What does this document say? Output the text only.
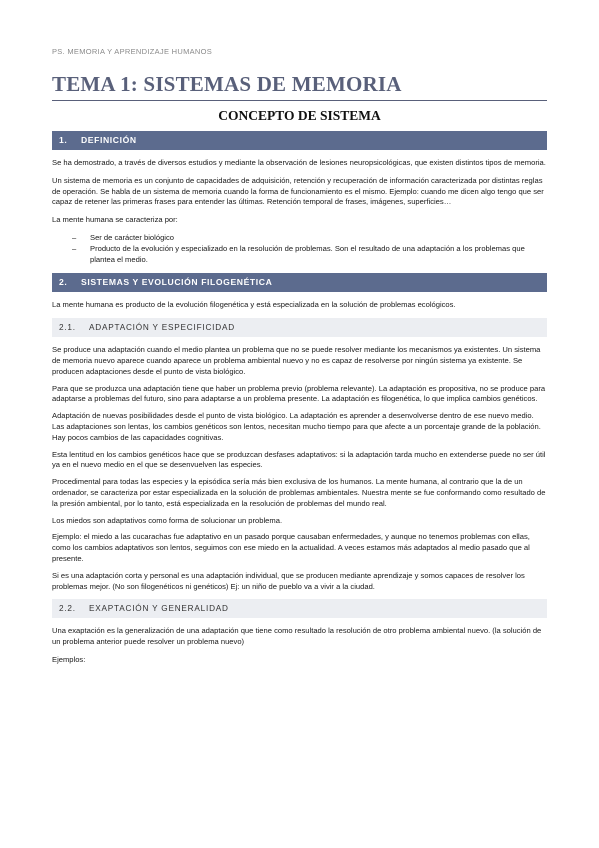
PS. MEMORIA Y APRENDIZAJE HUMANOS
TEMA 1: SISTEMAS DE MEMORIA
CONCEPTO DE SISTEMA
1. DEFINICIÓN

Se ha demostrado, a través de diversos estudios y mediante la observación de lesiones neuropsicológicas, que existen distintos tipos de memoria.

Un sistema de memoria es un conjunto de capacidades de adquisición, retención y recuperación de información caracterizada por distintas reglas de operación. Se habla de un sistema de memoria cuando la forma de funcionamiento es el mismo. Ejemplo: cuando me dicen algo tengo que ser capaz de retener las primeras frases para entender las últimas. Retención temporal de frases, imágenes, superficies…

La mente humana se caracteriza por:

– Ser de carácter biológico
– Producto de la evolución y especializado en la resolución de problemas. Son el resultado de una adaptación a los problemas que plantea el medio.
2. SISTEMAS Y EVOLUCIÓN FILOGENÉTICA

La mente humana es producto de la evolución filogenética y está especializada en la solución de problemas ecológicos.

2.1. ADAPTACIÓN Y ESPECIFICIDAD

Se produce una adaptación cuando el medio plantea un problema que no se puede resolver mediante los mecanismos ya existentes. Un sistema de memoria nuevo aparece cuando aparece un problema ambiental nuevo y no es capaz de resolverse por ningún sistema ya existente. Se producen adaptaciones desde el punto de vista biológico.

Para que se produzca una adaptación tiene que haber un problema previo (problema relevante). La adaptación es propositiva, no se produce para adaptarse a problemas del futuro, sino para adaptarse a un problema presente. La adaptación es filogenética, lo que implica cambios genéticos.

Adaptación de nuevas posibilidades desde el punto de vista biológico. La adaptación es aprender a desenvolverse dentro de ese nuevo medio. Las adaptaciones son lentas, los cambios genéticos son lentos, necesitan mucho tiempo para que afecte a un porcentaje grande de la población. Hay pocos cambios de las capacidades cognitivas.

Esta lentitud en los cambios genéticos hace que se produzcan desfases adaptativos: si la adaptación tarda mucho en extenderse puede no ser útil ya en el nuevo medio en el que se desenvuelven las especies.

Procedimental para todas las especies y la episódica sería más bien exclusiva de los humanos. La mente humana, al contrario que la de un ordenador, se caracteriza por estar especializada en la solución de problemas ambientales. Nuestra mente se fue conformando como resultado de la presión ambiental, por lo tanto, está especializada en la resolución de problemas del mundo real.

Los miedos son adaptativos como forma de solucionar un problema.

Ejemplo: el miedo a las cucarachas fue adaptativo en un pasado porque causaban enfermedades, y aunque no tenemos problemas con ellas, como los cambios adaptativos son lentos, seguimos con ese miedo en la actualidad. A veces estamos más adaptados al medio pasado que al presente.

Si es una adaptación corta y personal es una adaptación individual, que se producen mediante aprendizaje y somos capaces de resolver los problemas mejor. (No son filogenéticos ni genéticos) Ej: un niño de pueblo va a vivir a la ciudad.

2.2. EXAPTACIÓN Y GENERALIDAD

Una exaptación es la generalización de una adaptación que tiene como resultado la resolución de otro problema ambiental nuevo. (la solución de un problema anterior puede resolver un problema nuevo)

Ejemplos:
